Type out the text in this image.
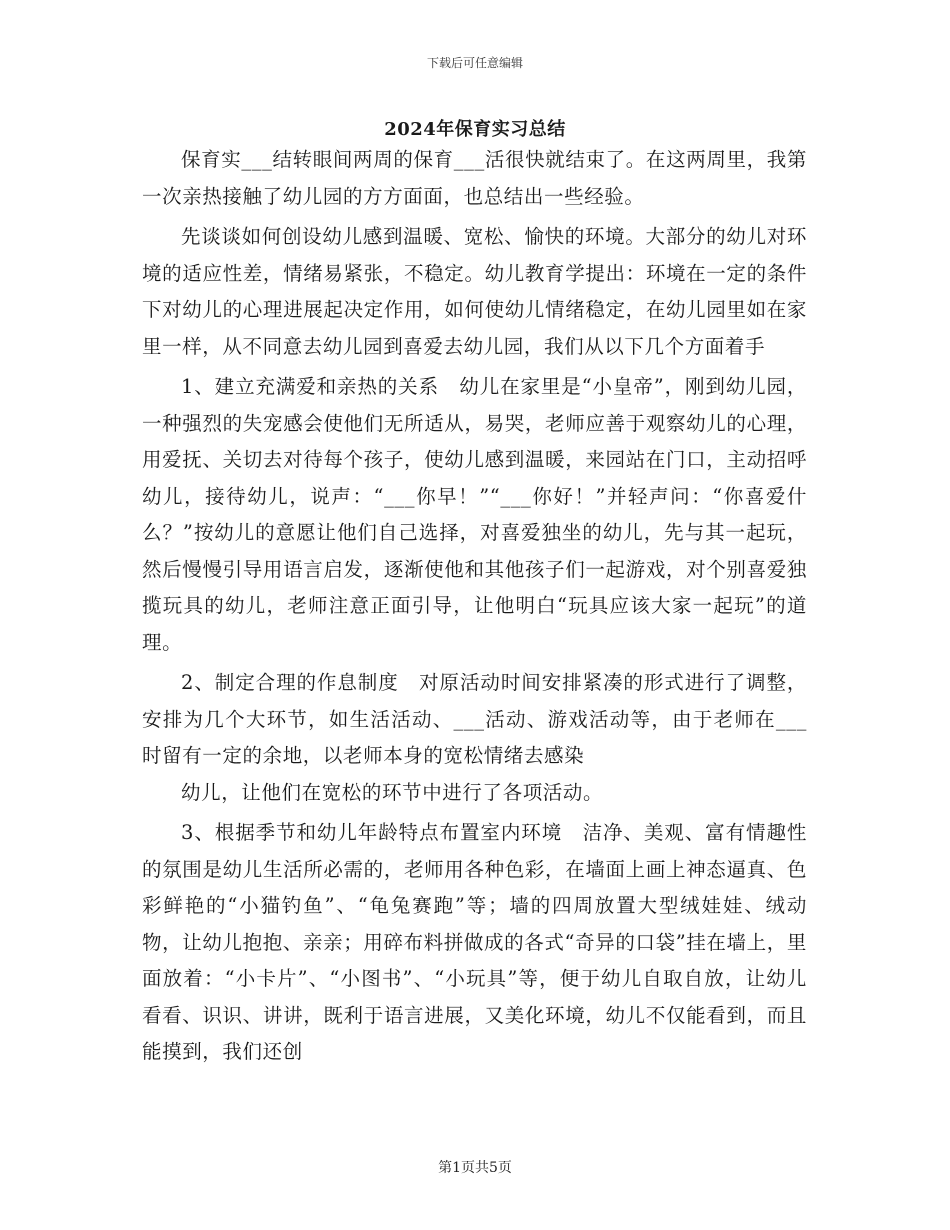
下载后可任意编辑
2024年保育实习总结

保育实___结转眼间两周的保育___活很快就结束了。在这两周里，我第一次亲热接触了幼儿园的方方面面，也总结出一些经验。

先谈谈如何创设幼儿感到温暖、宽松、愉快的环境。大部分的幼儿对环境的适应性差，情绪易紧张，不稳定。幼儿教育学提出：环境在一定的条件下对幼儿的心理进展起决定作用，如何使幼儿情绪稳定，在幼儿园里如在家里一样，从不同意去幼儿园到喜爱去幼儿园，我们从以下几个方面着手

1、建立充满爱和亲热的关系　幼儿在家里是“小皇帝”，刚到幼儿园，一种强烈的失宠感会使他们无所适从，易哭，老师应善于观察幼儿的心理，用爱抚、关切去对待每个孩子，使幼儿感到温暖，来园站在门口，主动招呼幼儿，接待幼儿，说声：“___你早！”“___你好！”并轻声问：“你喜爱什么？”按幼儿的意愿让他们自己选择，对喜爱独坐的幼儿，先与其一起玩，然后慢慢引导用语言启发，逐渐使他和其他孩子们一起游戏，对个别喜爱独揽玩具的幼儿，老师注意正面引导，让他明白“玩具应该大家一起玩”的道理。

2、制定合理的作息制度　对原活动时间安排紧凑的形式进行了调整，安排为几个大环节，如生活活动、___活动、游戏活动等，由于老师在___时留有一定的余地，以老师本身的宽松情绪去感染

幼儿，让他们在宽松的环节中进行了各项活动。

3、根据季节和幼儿年龄特点布置室内环境　洁净、美观、富有情趣性的氛围是幼儿生活所必需的，老师用各种色彩，在墙面上画上神态逼真、色彩鲜艳的“小猫钓鱼”、“龟兔赛跑”等；墙的四周放置大型绒娃娃、绒动物，让幼儿抱抱、亲亲；用碎布料拼做成的各式“奇异的口袋”挂在墙上，里面放着：“小卡片”、“小图书”、“小玩具”等，便于幼儿自取自放，让幼儿看看、识识、讲讲，既利于语言进展，又美化环境，幼儿不仅能看到，而且能摸到，我们还创

第1页共5页
